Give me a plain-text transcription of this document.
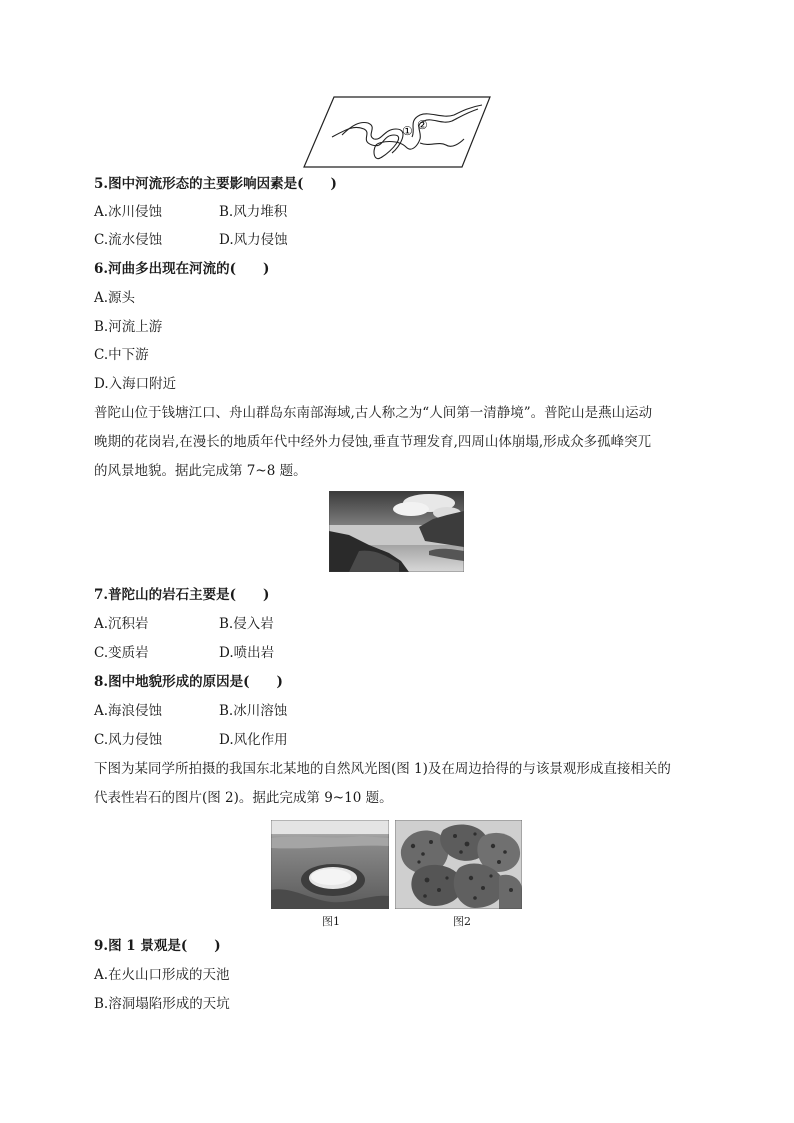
① ②
5.图中河流形态的主要影响因素是(　　)
A.冰川侵蚀	B.风力堆积
C.流水侵蚀	D.风力侵蚀
6.河曲多出现在河流的(　　)
A.源头
B.河流上游
C.中下游
D.入海口附近
普陀山位于钱塘江口、舟山群岛东南部海域,古人称之为“人间第一清静境”。普陀山是燕山运动
晚期的花岗岩,在漫长的地质年代中经外力侵蚀,垂直节理发育,四周山体崩塌,形成众多孤峰突兀
的风景地貌。据此完成第 7~8 题。
7.普陀山的岩石主要是(　　)
A.沉积岩	B.侵入岩
C.变质岩	D.喷出岩
8.图中地貌形成的原因是(　　)
A.海浪侵蚀	B.冰川溶蚀
C.风力侵蚀	D.风化作用
下图为某同学所拍摄的我国东北某地的自然风光图(图 1)及在周边拾得的与该景观形成直接相关的
代表性岩石的图片(图 2)。据此完成第 9~10 题。
图1	图2
9.图 1 景观是(　　)
A.在火山口形成的天池
B.溶洞塌陷形成的天坑
